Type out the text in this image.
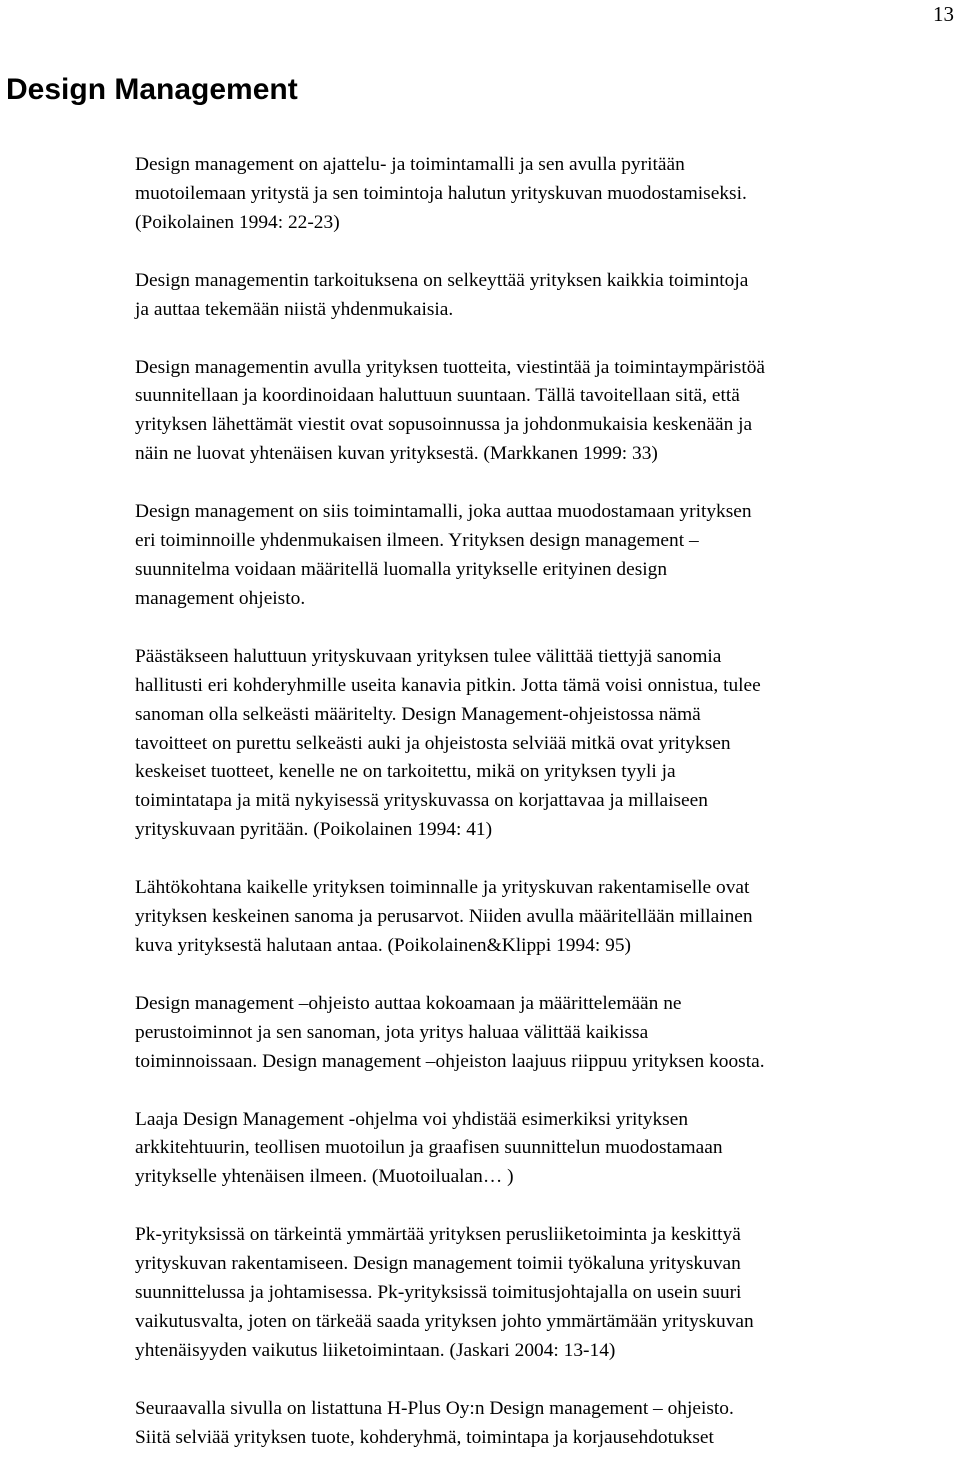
13
Design Management

Design management on ajattelu- ja toimintamalli ja sen avulla pyritään
muotoilemaan yritystä ja sen toimintoja halutun yrityskuvan muodostamiseksi.
(Poikolainen 1994: 22-23)

Design managementin tarkoituksena on selkeyttää yrityksen kaikkia toimintoja
ja auttaa tekemään niistä yhdenmukaisia.

Design managementin avulla yrityksen tuotteita, viestintää ja toimintaympäristöä
suunnitellaan ja koordinoidaan haluttuun suuntaan. Tällä tavoitellaan sitä, että
yrityksen lähettämät viestit ovat sopusoinnussa ja johdonmukaisia keskenään ja
näin ne luovat yhtenäisen kuvan yrityksestä. (Markkanen 1999: 33)

Design management on siis toimintamalli, joka auttaa muodostamaan yrityksen
eri toiminnoille yhdenmukaisen ilmeen. Yrityksen design management –
suunnitelma voidaan määritellä luomalla yritykselle erityinen design
management ohjeisto.

Päästäkseen haluttuun yrityskuvaan yrityksen tulee välittää tiettyjä sanomia
hallitusti eri kohderyhmille useita kanavia pitkin. Jotta tämä voisi onnistua, tulee
sanoman olla selkeästi määritelty. Design Management-ohjeistossa nämä
tavoitteet on purettu selkeästi auki ja ohjeistosta selviää mitkä ovat yrityksen
keskeiset tuotteet, kenelle ne on tarkoitettu, mikä on yrityksen tyyli ja
toimintatapa ja mitä nykyisessä yrityskuvassa on korjattavaa ja millaiseen
yrityskuvaan pyritään. (Poikolainen 1994: 41)

Lähtökohtana kaikelle yrityksen toiminnalle ja yrityskuvan rakentamiselle ovat
yrityksen keskeinen sanoma ja perusarvot. Niiden avulla määritellään millainen
kuva yrityksestä halutaan antaa. (Poikolainen&Klippi 1994: 95)

Design management –ohjeisto auttaa kokoamaan ja määrittelemään ne
perustoiminnot ja sen sanoman, jota yritys haluaa välittää kaikissa
toiminnoissaan. Design management –ohjeiston laajuus riippuu yrityksen koosta.

Laaja Design Management -ohjelma voi yhdistää esimerkiksi yrityksen
arkkitehtuurin, teollisen muotoilun ja graafisen suunnittelun muodostamaan
yritykselle yhtenäisen ilmeen. (Muotoilualan… )

Pk-yrityksissä on tärkeintä ymmärtää yrityksen perusliiketoiminta ja keskittyä
yrityskuvan rakentamiseen. Design management toimii työkaluna yrityskuvan
suunnittelussa ja johtamisessa. Pk-yrityksissä toimitusjohtajalla on usein suuri
vaikutusvalta, joten on tärkeää saada yrityksen johto ymmärtämään yrityskuvan
yhtenäisyyden vaikutus liiketoimintaan. (Jaskari 2004: 13-14)

Seuraavalla sivulla on listattuna H-Plus Oy:n Design management – ohjeisto.
Siitä selviää yrityksen tuote, kohderyhmä, toimintapa ja korjausehdotukset
